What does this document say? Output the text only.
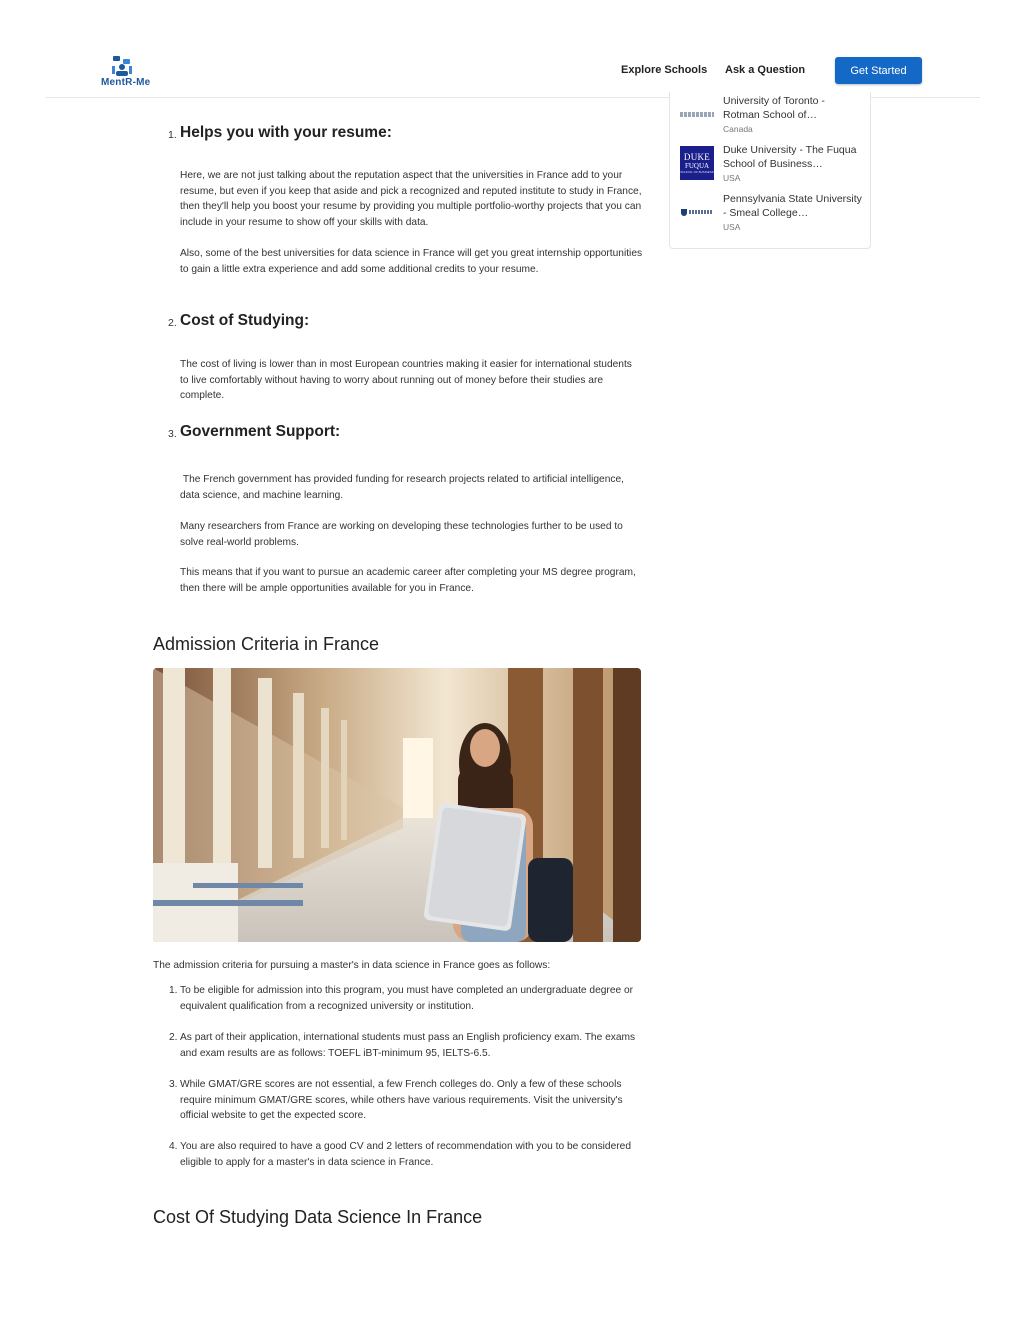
MentR-Me
Explore Schools Ask a Question	Get Started
University of Toronto - Rotman School of…
Canada
DUKE
FUQUA
SCHOOL OF BUSINESS
Duke University - The Fuqua School of Business…
USA
Pennsylvania State University - Smeal College…
USA
1. Helps you with your resume:
Here, we are not just talking about the reputation aspect that the universities in France add to your resume, but even if you keep that aside and pick a recognized and reputed institute to study in France, then they'll help you boost your resume by providing you multiple portfolio-worthy projects that you can include in your resume to show off your skills with data.
Also, some of the best universities for data science in France will get you great internship opportunities to gain a little extra experience and add some additional credits to your resume.
2. Cost of Studying:
The cost of living is lower than in most European countries making it easier for international students to live comfortably without having to worry about running out of money before their studies are complete.
3. Government Support:
The French government has provided funding for research projects related to artificial intelligence, data science, and machine learning.
Many researchers from France are working on developing these technologies further to be used to solve real-world problems.
This means that if you want to pursue an academic career after completing your MS degree program, then there will be ample opportunities available for you in France.
Admission Criteria in France
The admission criteria for pursuing a master's in data science in France goes as follows:
1. To be eligible for admission into this program, you must have completed an undergraduate degree or equivalent qualification from a recognized university or institution.
2. As part of their application, international students must pass an English proficiency exam. The exams and exam results are as follows: TOEFL iBT-minimum 95, IELTS-6.5.
3. While GMAT/GRE scores are not essential, a few French colleges do. Only a few of these schools require minimum GMAT/GRE scores, while others have various requirements. Visit the university's official website to get the expected score.
4. You are also required to have a good CV and 2 letters of recommendation with you to be considered eligible to apply for a master's in data science in France.
Cost Of Studying Data Science In France
